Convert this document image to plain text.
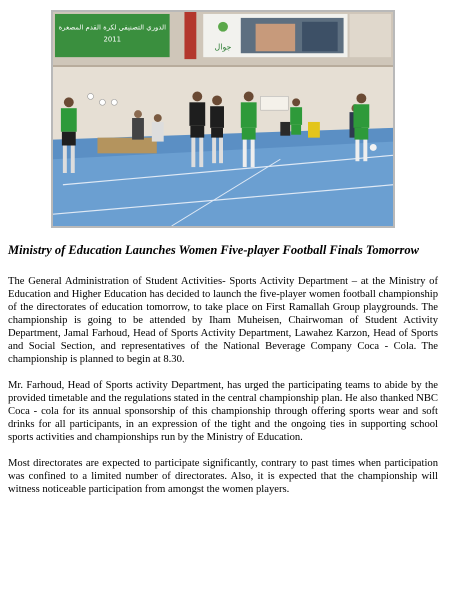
الدوري التصنيفي لكرة القدم المصغرة
2011
جوال
Ministry of Education Launches Women Five-player Football Finals Tomorrow

The General Administration of Student Activities- Sports Activity Department – at the Ministry of Education and Higher Education has decided to launch the five-player women football championship of the directorates of education tomorrow, to take place on First Ramallah Group playgrounds. The championship is going to be attended by Iham Muheisen, Chairwoman of Student Activity Department, Jamal Farhoud, Head of Sports Activity Department, Lawahez Karzon, Head of Sports and Social Section, and representatives of the National Beverage Company Coca - Cola. The championship is planned to begin at 8.30.

Mr. Farhoud, Head of Sports activity Department, has urged the participating teams to abide by the provided timetable and the regulations stated in the central championship plan. He also thanked NBC Coca - cola for its annual sponsorship of this championship through offering sports wear and soft drinks for all participants, in an expression of the tight and the ongoing ties in supporting school sports activities and championships run by the Ministry of Education.

Most directorates are expected to participate significantly, contrary to past times when participation was confined to a limited number of directorates. Also, it is expected that the championship will witness noticeable participation from amongst the women players.
